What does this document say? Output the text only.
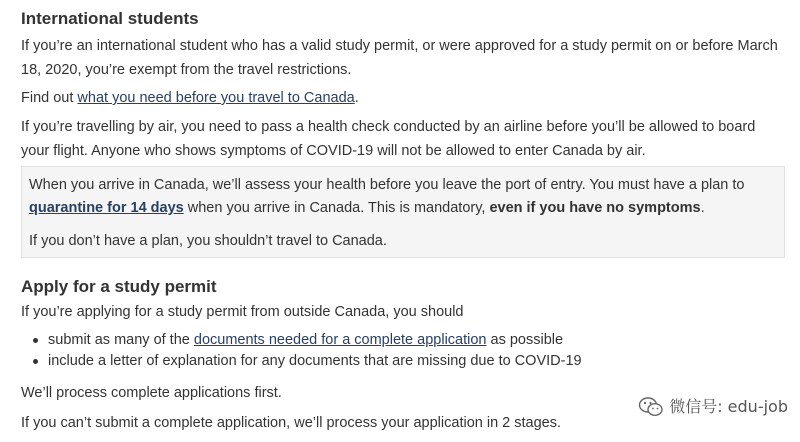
International students

If you’re an international student who has a valid study permit, or were approved for a study permit on or before March 18, 2020, you’re exempt from the travel restrictions.

Find out what you need before you travel to Canada.

If you’re travelling by air, you need to pass a health check conducted by an airline before you’ll be allowed to board your flight. Anyone who shows symptoms of COVID-19 will not be allowed to enter Canada by air.

When you arrive in Canada, we’ll assess your health before you leave the port of entry. You must have a plan to quarantine for 14 days when you arrive in Canada. This is mandatory, even if you have no symptoms.

If you don’t have a plan, you shouldn’t travel to Canada.

Apply for a study permit

If you’re applying for a study permit from outside Canada, you should

submit as many of the documents needed for a complete application as possible
include a letter of explanation for any documents that are missing due to COVID-19

We’ll process complete applications first.

If you can’t submit a complete application, we’ll process your application in 2 stages.

微信号: edu-job
